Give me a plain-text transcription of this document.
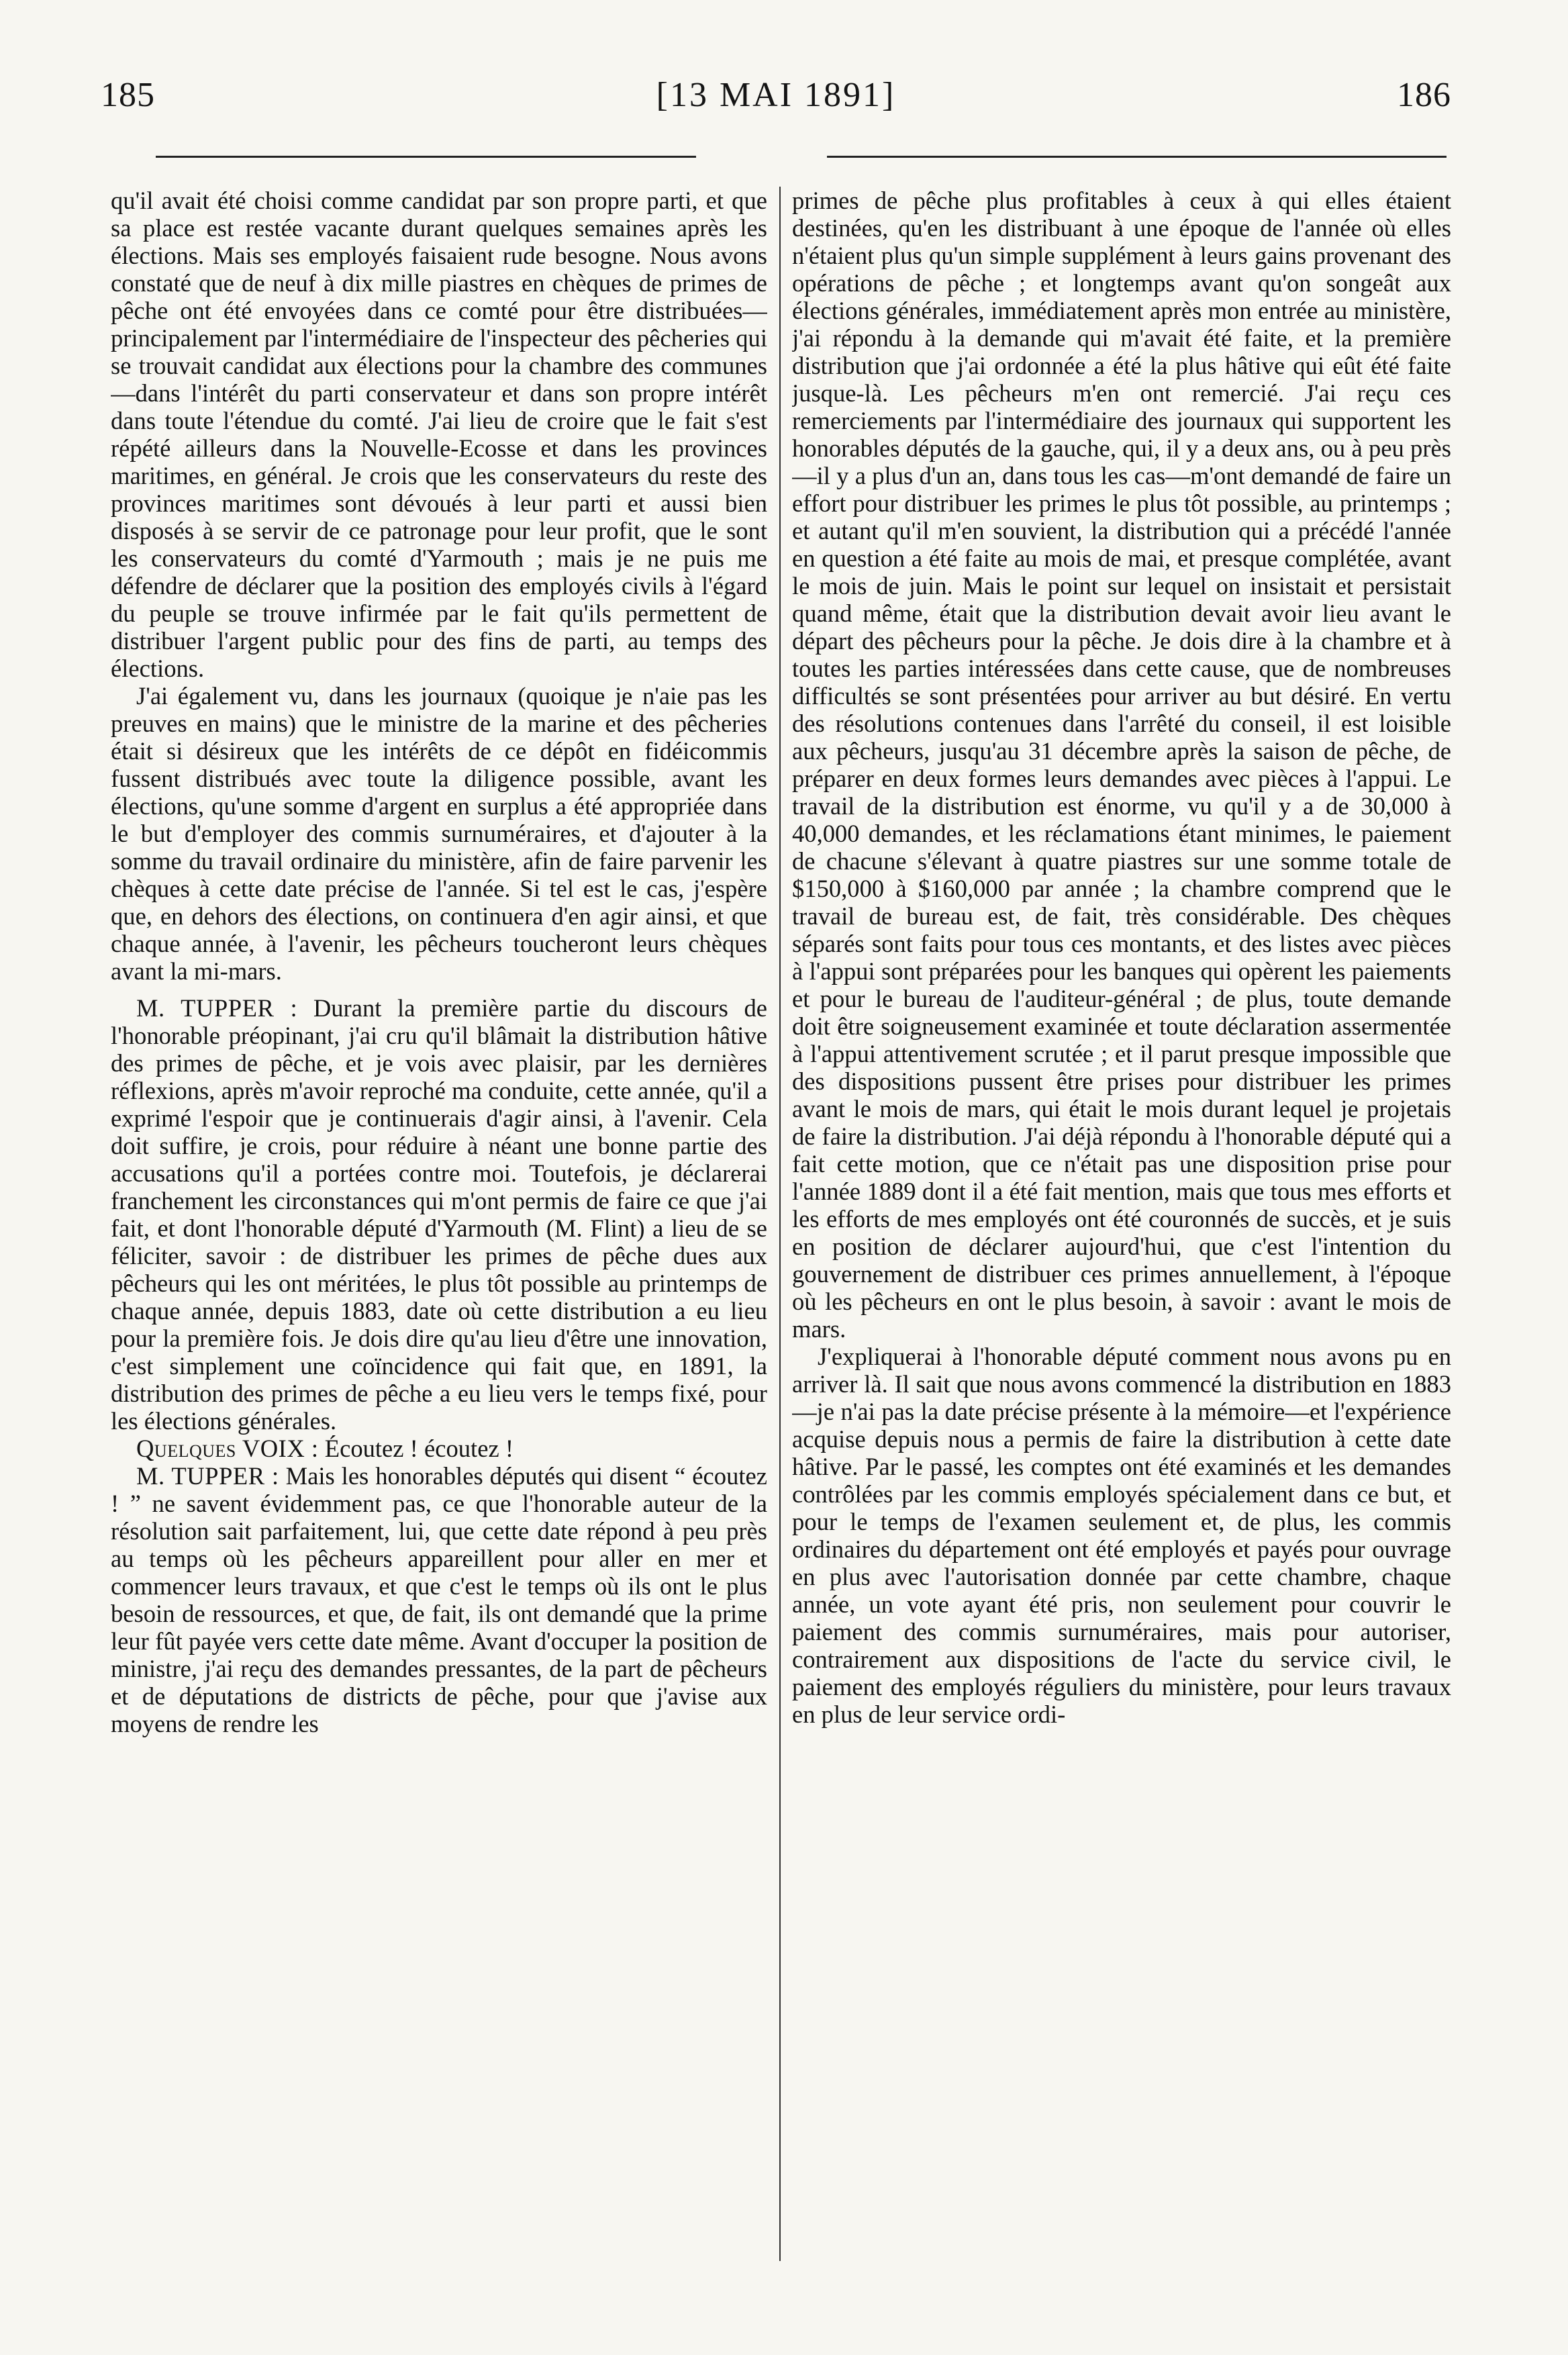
185	[13 MAI 1891]	186

qu'il avait été choisi comme candidat par son propre parti, et que sa place est restée vacante durant quelques semaines après les élections. Mais ses employés faisaient rude besogne. Nous avons constaté que de neuf à dix mille piastres en chèques de primes de pêche ont été envoyées dans ce comté pour être distribuées—principalement par l'intermédiaire de l'inspecteur des pêcheries qui se trouvait candidat aux élections pour la chambre des communes—dans l'intérêt du parti conservateur et dans son propre intérêt dans toute l'étendue du comté. J'ai lieu de croire que le fait s'est répété ailleurs dans la Nouvelle-Ecosse et dans les provinces maritimes, en général. Je crois que les conservateurs du reste des provinces maritimes sont dévoués à leur parti et aussi bien disposés à se servir de ce patronage pour leur profit, que le sont les conservateurs du comté d'Yarmouth ; mais je ne puis me défendre de déclarer que la position des employés civils à l'égard du peuple se trouve infirmée par le fait qu'ils permettent de distribuer l'argent public pour des fins de parti, au temps des élections.

J'ai également vu, dans les journaux (quoique je n'aie pas les preuves en mains) que le ministre de la marine et des pêcheries était si désireux que les intérêts de ce dépôt en fidéicommis fussent distribués avec toute la diligence possible, avant les élections, qu'une somme d'argent en surplus a été appropriée dans le but d'employer des commis surnuméraires, et d'ajouter à la somme du travail ordinaire du ministère, afin de faire parvenir les chèques à cette date précise de l'année. Si tel est le cas, j'espère que, en dehors des élections, on continuera d'en agir ainsi, et que chaque année, à l'avenir, les pêcheurs toucheront leurs chèques avant la mi-mars.

M. TUPPER : Durant la première partie du discours de l'honorable préopinant, j'ai cru qu'il blâmait la distribution hâtive des primes de pêche, et je vois avec plaisir, par les dernières réflexions, après m'avoir reproché ma conduite, cette année, qu'il a exprimé l'espoir que je continuerais d'agir ainsi, à l'avenir. Cela doit suffire, je crois, pour réduire à néant une bonne partie des accusations qu'il a portées contre moi. Toutefois, je déclarerai franchement les circonstances qui m'ont permis de faire ce que j'ai fait, et dont l'honorable député d'Yarmouth (M. Flint) a lieu de se féliciter, savoir : de distribuer les primes de pêche dues aux pêcheurs qui les ont méritées, le plus tôt possible au printemps de chaque année, depuis 1883, date où cette distribution a eu lieu pour la première fois. Je dois dire qu'au lieu d'être une innovation, c'est simplement une coïncidence qui fait que, en 1891, la distribution des primes de pêche a eu lieu vers le temps fixé, pour les élections générales.

Quelques VOIX : Écoutez ! écoutez !

M. TUPPER : Mais les honorables députés qui disent “ écoutez ! ” ne savent évidemment pas, ce que l'honorable auteur de la résolution sait parfaitement, lui, que cette date répond à peu près au temps où les pêcheurs appareillent pour aller en mer et commencer leurs travaux, et que c'est le temps où ils ont le plus besoin de ressources, et que, de fait, ils ont demandé que la prime leur fût payée vers cette date même. Avant d'occuper la position de ministre, j'ai reçu des demandes pressantes, de la part de pêcheurs et de députations de districts de pêche, pour que j'avise aux moyens de rendre les

primes de pêche plus profitables à ceux à qui elles étaient destinées, qu'en les distribuant à une époque de l'année où elles n'étaient plus qu'un simple supplément à leurs gains provenant des opérations de pêche ; et longtemps avant qu'on songeât aux élections générales, immédiatement après mon entrée au ministère, j'ai répondu à la demande qui m'avait été faite, et la première distribution que j'ai ordonnée a été la plus hâtive qui eût été faite jusque-là. Les pêcheurs m'en ont remercié. J'ai reçu ces remerciements par l'intermédiaire des journaux qui supportent les honorables députés de la gauche, qui, il y a deux ans, ou à peu près—il y a plus d'un an, dans tous les cas—m'ont demandé de faire un effort pour distribuer les primes le plus tôt possible, au printemps ; et autant qu'il m'en souvient, la distribution qui a précédé l'année en question a été faite au mois de mai, et presque complétée, avant le mois de juin. Mais le point sur lequel on insistait et persistait quand même, était que la distribution devait avoir lieu avant le départ des pêcheurs pour la pêche. Je dois dire à la chambre et à toutes les parties intéressées dans cette cause, que de nombreuses difficultés se sont présentées pour arriver au but désiré. En vertu des résolutions contenues dans l'arrêté du conseil, il est loisible aux pêcheurs, jusqu'au 31 décembre après la saison de pêche, de préparer en deux formes leurs demandes avec pièces à l'appui. Le travail de la distribution est énorme, vu qu'il y a de 30,000 à 40,000 demandes, et les réclamations étant minimes, le paiement de chacune s'élevant à quatre piastres sur une somme totale de $150,000 à $160,000 par année ; la chambre comprend que le travail de bureau est, de fait, très considérable. Des chèques séparés sont faits pour tous ces montants, et des listes avec pièces à l'appui sont préparées pour les banques qui opèrent les paiements et pour le bureau de l'auditeur-général ; de plus, toute demande doit être soigneusement examinée et toute déclaration assermentée à l'appui attentivement scrutée ; et il parut presque impossible que des dispositions pussent être prises pour distribuer les primes avant le mois de mars, qui était le mois durant lequel je projetais de faire la distribution. J'ai déjà répondu à l'honorable député qui a fait cette motion, que ce n'était pas une disposition prise pour l'année 1889 dont il a été fait mention, mais que tous mes efforts et les efforts de mes employés ont été couronnés de succès, et je suis en position de déclarer aujourd'hui, que c'est l'intention du gouvernement de distribuer ces primes annuellement, à l'époque où les pêcheurs en ont le plus besoin, à savoir : avant le mois de mars.

J'expliquerai à l'honorable député comment nous avons pu en arriver là. Il sait que nous avons commencé la distribution en 1883—je n'ai pas la date précise présente à la mémoire—et l'expérience acquise depuis nous a permis de faire la distribution à cette date hâtive. Par le passé, les comptes ont été examinés et les demandes contrôlées par les commis employés spécialement dans ce but, et pour le temps de l'examen seulement et, de plus, les commis ordinaires du département ont été employés et payés pour ouvrage en plus avec l'autorisation donnée par cette chambre, chaque année, un vote ayant été pris, non seulement pour couvrir le paiement des commis surnuméraires, mais pour autoriser, contrairement aux dispositions de l'acte du service civil, le paiement des employés réguliers du ministère, pour leurs travaux en plus de leur service ordi-
